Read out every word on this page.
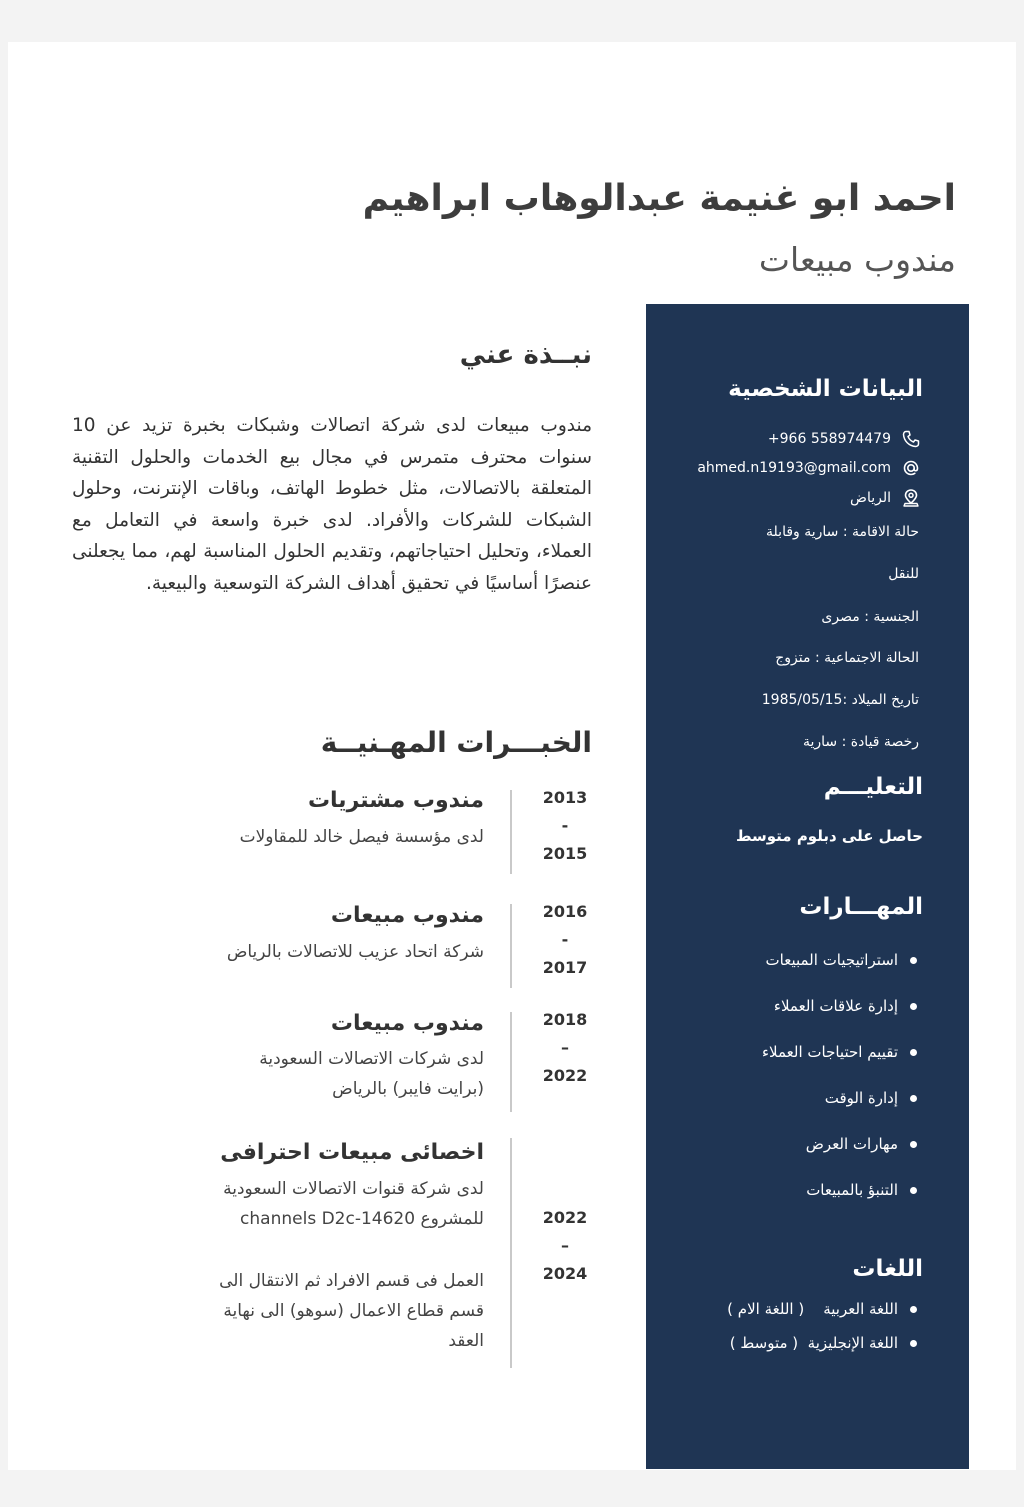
احمد ابو غنيمة عبدالوهاب ابراهيم
مندوب مبيعات
البيانات الشخصية
+966 558974479
ahmed.n19193@gmail.com
الرياض
حالة الاقامة : سارية وقابلة
للنقل
الجنسية : مصرى
الحالة الاجتماعية : متزوج
تاريخ الميلاد :1985/05/15
رخصة قيادة : سارية
التعليـــم
حاصل على دبلوم متوسط
المهـــارات
استراتيجيات المبيعات
إدارة علاقات العملاء
تقييم احتياجات العملاء
إدارة الوقت
مهارات العرض
التنبؤ بالمبيعات
اللغات
اللغة العربية    ( اللغة الام )
اللغة الإنجليزية  ( متوسط )
نبــذة عني
مندوب مبيعات لدى شركة اتصالات وشبكات بخبرة تزيد عن 10 سنوات محترف متمرس في مجال بيع الخدمات والحلول التقنية المتعلقة بالاتصالات، مثل خطوط الهاتف، وباقات الإنترنت، وحلول الشبكات للشركات والأفراد. لدى خبرة واسعة في التعامل مع العملاء، وتحليل احتياجاتهم، وتقديم الحلول المناسبة لهم، مما يجعلنى عنصرًا أساسيًا في تحقيق أهداف الشركة التوسعية والبيعية.
الخبـــرات المهـنيــة
2013
-
2015
مندوب مشتريات
لدى مؤسسة فيصل خالد للمقاولات
2016
-
2017
مندوب مبيعات
شركة اتحاد عزيب للاتصالات بالرياض
2018
–
2022
مندوب مبيعات
لدى شركات الاتصالات السعودية
(برايت فايبر) بالرياض
2022
–
2024
اخصائى مبيعات احترافى
لدى شركة قنوات الاتصالات السعودية
للمشروع channels D2c-14620
العمل فى قسم الافراد ثم الانتقال الى
قسم قطاع الاعمال (سوهو) الى نهاية
العقد
